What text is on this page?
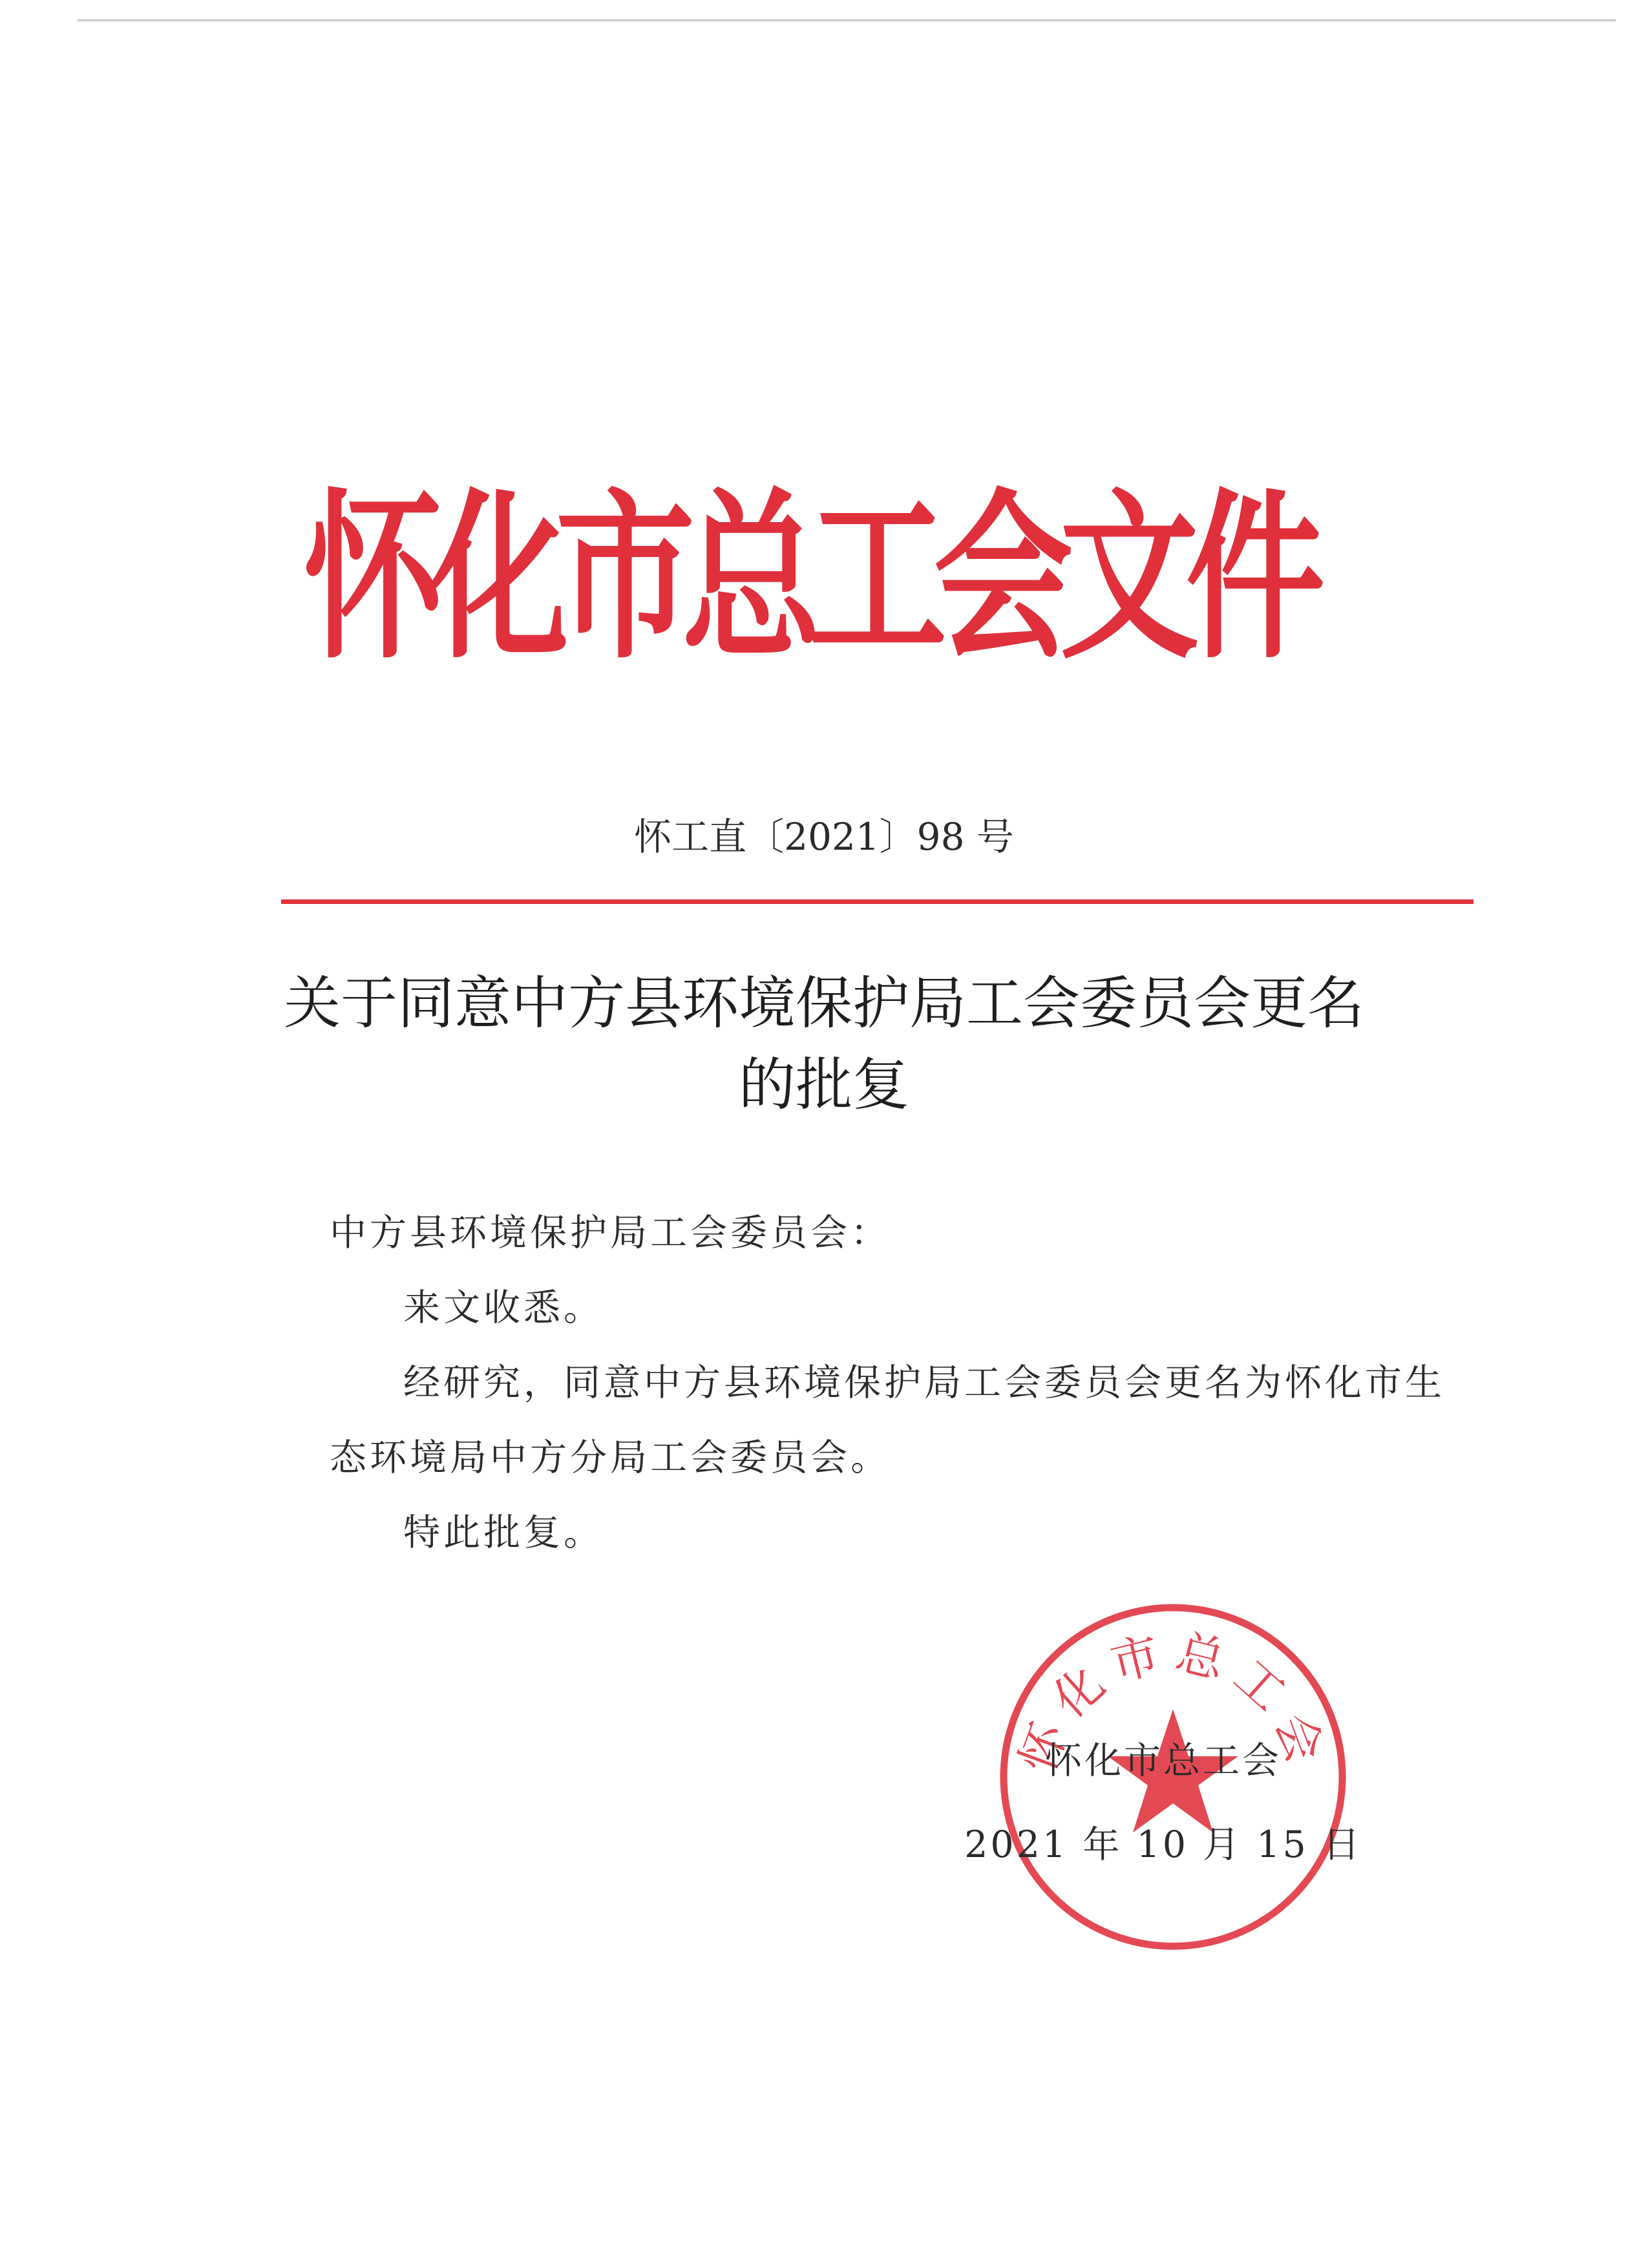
怀化市总工会文件
怀工直〔2021〕98 号
关于同意中方县环境保护局工会委员会更名
的批复

中方县环境保护局工会委员会：

来文收悉。

经研究，同意中方县环境保护局工会委员会更名为怀化市生态环境局中方分局工会委员会。

特此批复。

怀化市总工会
怀化市总工会
2021 年 10 月 15 日
